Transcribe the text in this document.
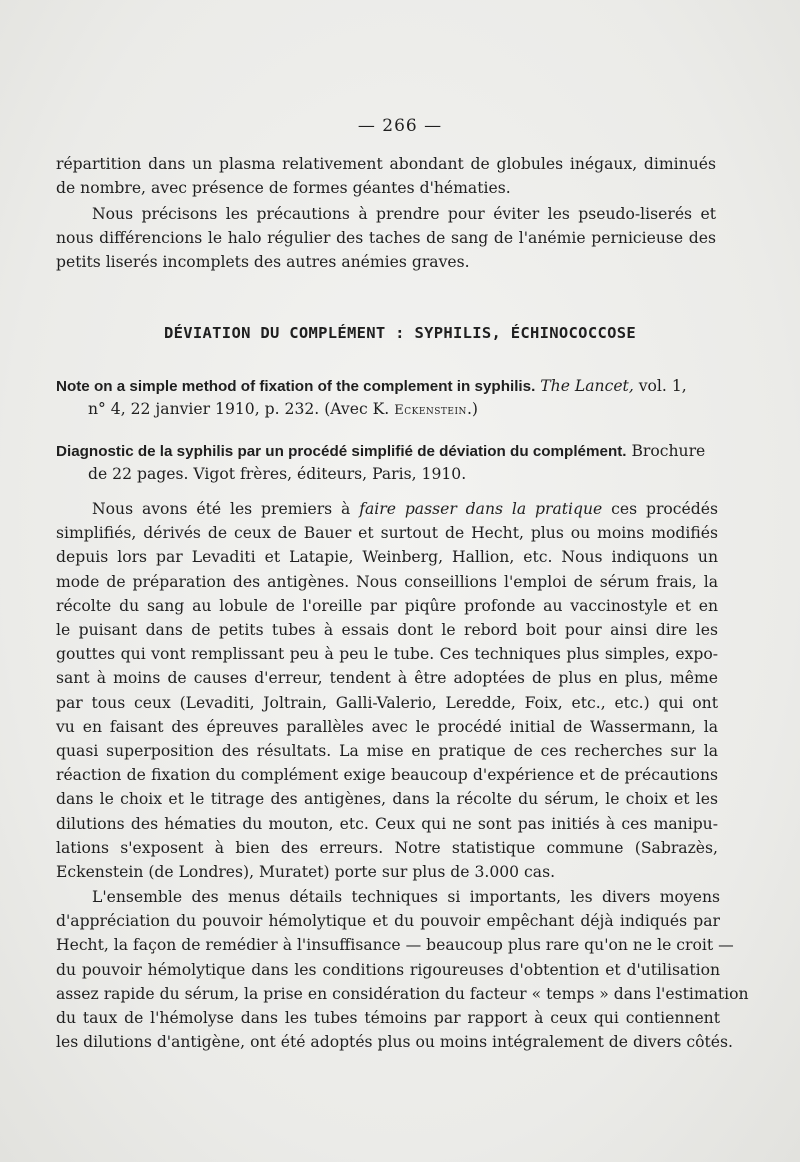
— 266 —

répartition dans un plasma relativement abondant de globules inégaux, diminués
de nombre, avec présence de formes géantes d'hématies.

Nous précisons les précautions à prendre pour éviter les pseudo-liserés et
nous différencions le halo régulier des taches de sang de l'anémie pernicieuse des
petits liserés incomplets des autres anémies graves.

DÉVIATION DU COMPLÉMENT : SYPHILIS, ÉCHINOCOCCOSE
Note on a simple method of fixation of the complement in syphilis. The Lancet, vol. 1,
n° 4, 22 janvier 1910, p. 232. (Avec K. Eckenstein.)
Diagnostic de la syphilis par un procédé simplifié de déviation du complément. Brochure
de 22 pages. Vigot frères, éditeurs, Paris, 1910.

Nous avons été les premiers à faire passer dans la pratique ces procédés
simplifiés, dérivés de ceux de Bauer et surtout de Hecht, plus ou moins modifiés
depuis lors par Levaditi et Latapie, Weinberg, Hallion, etc. Nous indiquons un
mode de préparation des antigènes. Nous conseillions l'emploi de sérum frais, la
récolte du sang au lobule de l'oreille par piqûre profonde au vaccinostyle et en
le puisant dans de petits tubes à essais dont le rebord boit pour ainsi dire les
gouttes qui vont remplissant peu à peu le tube. Ces techniques plus simples, expo-
sant à moins de causes d'erreur, tendent à être adoptées de plus en plus, même
par tous ceux (Levaditi, Joltrain, Galli-Valerio, Leredde, Foix, etc., etc.) qui ont
vu en faisant des épreuves parallèles avec le procédé initial de Wassermann, la
quasi superposition des résultats. La mise en pratique de ces recherches sur la
réaction de fixation du complément exige beaucoup d'expérience et de précautions
dans le choix et le titrage des antigènes, dans la récolte du sérum, le choix et les
dilutions des hématies du mouton, etc. Ceux qui ne sont pas initiés à ces manipu-
lations s'exposent à bien des erreurs. Notre statistique commune (Sabrazès,
Eckenstein (de Londres), Muratet) porte sur plus de 3.000 cas.

L'ensemble des menus détails techniques si importants, les divers moyens
d'appréciation du pouvoir hémolytique et du pouvoir empêchant déjà indiqués par
Hecht, la façon de remédier à l'insuffisance — beaucoup plus rare qu'on ne le croit —
du pouvoir hémolytique dans les conditions rigoureuses d'obtention et d'utilisation
assez rapide du sérum, la prise en considération du facteur « temps » dans l'estimation
du taux de l'hémolyse dans les tubes témoins par rapport à ceux qui contiennent
les dilutions d'antigène, ont été adoptés plus ou moins intégralement de divers côtés.
